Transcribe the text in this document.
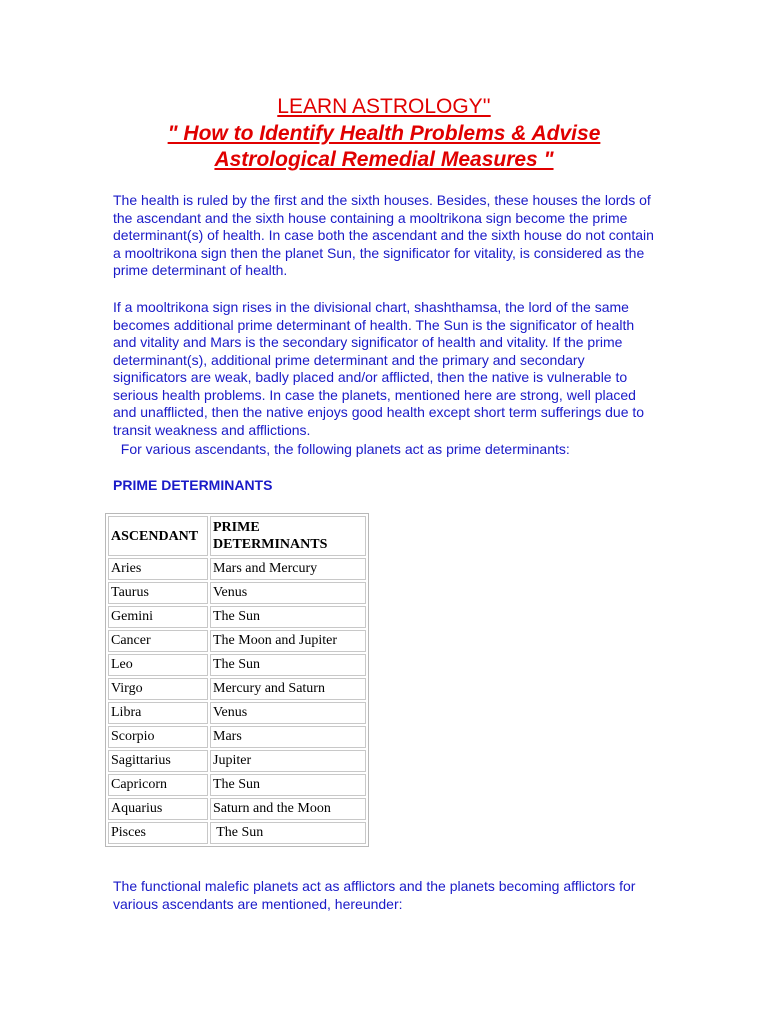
LEARN ASTROLOGY''
" How to Identify Health Problems & Advise
Astrological Remedial Measures "
The health is ruled by the first and the sixth houses. Besides, these houses the lords of the ascendant and the sixth house containing a mooltrikona sign become the prime determinant(s) of health. In case both the ascendant and the sixth house do not contain a mooltrikona sign then the planet Sun, the significator for vitality, is considered as the prime determinant of health.
If a mooltrikona sign rises in the divisional chart, shashthamsa, the lord of the same becomes additional prime determinant of health. The Sun is the significator of health and vitality and Mars is the secondary significator of health and vitality. If the prime determinant(s), additional prime determinant and the primary and secondary significators are weak, badly placed and/or afflicted, then the native is vulnerable to serious health problems. In case the planets, mentioned here are strong, well placed and unafflicted, then the native enjoys good health except short term sufferings due to transit weakness and afflictions.
For various ascendants, the following planets act as prime determinants:
PRIME DETERMINANTS
ASCENDANT	PRIME DETERMINANTS
Aries	Mars and Mercury
Taurus	Venus
Gemini	The Sun
Cancer	The Moon and Jupiter
Leo	The Sun
Virgo	Mercury and Saturn
Libra	Venus
Scorpio	Mars
Sagittarius	Jupiter
Capricorn	The Sun
Aquarius	Saturn and the Moon
Pisces	The Sun
The functional malefic planets act as afflictors and the planets becoming afflictors for various ascendants are mentioned, hereunder:
